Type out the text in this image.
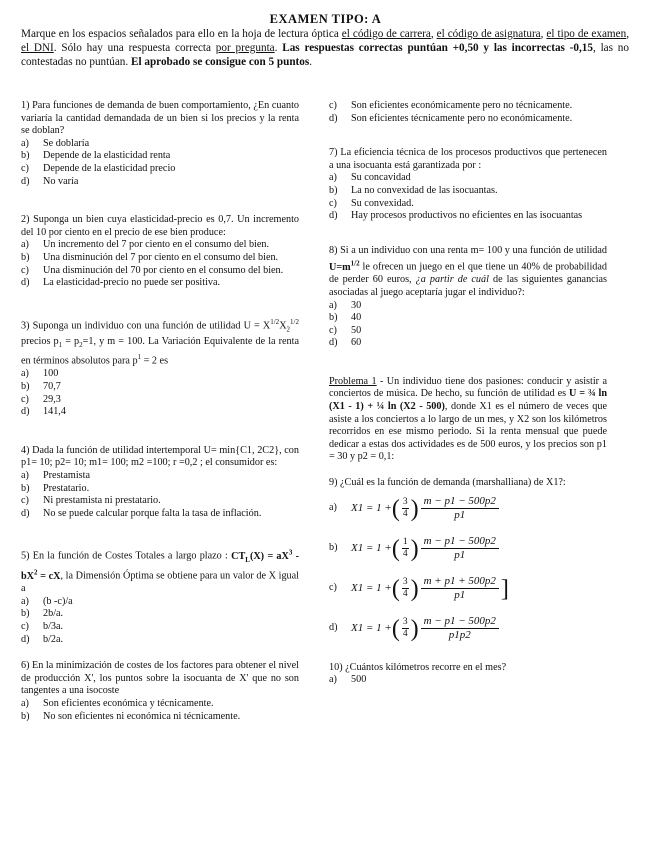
EXAMEN TIPO: A
Marque en los espacios señalados para ello en la hoja de lectura óptica el código de carrera, el código de asignatura, el tipo de examen, el DNI. Sólo hay una respuesta correcta por pregunta. Las respuestas correctas puntúan +0,50 y las incorrectas -0,15, las no contestadas no puntúan. El aprobado se consigue con 5 puntos.
1) Para funciones de demanda de buen comportamiento, ¿En cuanto variaría la cantidad demandada de un bien si los precios y la renta se doblan?
a)	Se doblaría
b)	Depende de la elasticidad renta
c)	Depende de la elasticidad precio
d)	No varía
2) Suponga un bien cuya elasticidad-precio es 0,7. Un incremento del 10 por ciento en el precio de ese bien produce:
a)	Un incremento del 7 por ciento en el consumo del bien.
b)	Una disminución del 7 por ciento en el consumo del bien.
c)	Una disminución del 70 por ciento en el consumo del bien.
d)	La elasticidad-precio no puede ser positiva.
3) Suponga un individuo con una función de utilidad $U = X^{1/2}X_2^{1/2}$ precios $p_1 = p_2=1$, y m = 100. La Variación Equivalente de la renta en términos absolutos para $p^1 = 2$ es
a)	100
b)	70,7
c)	29,3
d)	141,4
4) Dada la función de utilidad intertemporal U= min{C1, 2C2}, con p1= 10; p2= 10; m1= 100; m2 =100; r =0,2 ; el consumidor es:
a)	Prestamista
b)	Prestatario.
c)	Ni prestamista ni prestatario.
d)	No se puede calcular porque falta la tasa de inflación.
5) En la función de Costes Totales a largo plazo : $CT_L(X) = aX^3 - bX^2$ = cX, la Dimensión Óptima se obtiene para un valor de X igual a
a)	(b -c)/a
b)	2b/a.
c)	b/3a.
d)	b/2a.
6) En la minimización de costes de los factores para obtener el nivel de producción X', los puntos sobre la isocuanta de X' que no son tangentes a una isocoste
a)	Son eficientes económica y técnicamente.
b)	No son eficientes ni económica ni técnicamente.
c)	Son eficientes económicamente pero no técnicamente.
d)	Son eficientes técnicamente pero no económicamente.
7) La eficiencia técnica de los procesos productivos que pertenecen a una isocuanta está garantizada por :
a)	Su concavidad
b)	La no convexidad de las isocuantas.
c)	Su convexidad.
d)	Hay procesos productivos no eficientes en las isocuantas
8) Si a un individuo con una renta m= 100 y una función de utilidad $U=m^{1/2}$ le ofrecen un juego en el que tiene un 40% de probabilidad de perder 60 euros, ¿a partir de cuál de las siguientes ganancias asociadas al juego aceptaría jugar el individuo?:
a)	30
b)	40
c)	50
d)	60
Problema 1 - Un individuo tiene dos pasiones: conducir y asistir a conciertos de música. De hecho, su función de utilidad es U = ¾ ln (X1 - 1) + ¼ ln (X2 - 500), donde X1 es el número de veces que asiste a los conciertos a lo largo de un mes, y X2 son los kilómetros recorridos en ese mismo periodo. Si la renta mensual que puede dedicar a estas dos actividades es de 500 euros, y los precios son p1 = 30 y p2 = 0,1:
9) ¿Cuál es la función de demanda (marshalliana) de X1?:
a)	X1 = 1 + ( $\frac{3}{4}$ ) $\frac{m - p1 - 500p2}{p1}$
b)	X1 = 1 + ( $\frac{1}{4}$ ) $\frac{m - p1 - 500p2}{p1}$
c)	X1 = 1 + ( $\frac{3}{4}$ ) $\frac{m + p1 + 500p2}{p1}$ ]
d)	X1 = 1 + ( $\frac{3}{4}$ ) $\frac{m - p1 - 500p2}{p1p2}$
10) ¿Cuántos kilómetros recorre en el mes?
a)	500
